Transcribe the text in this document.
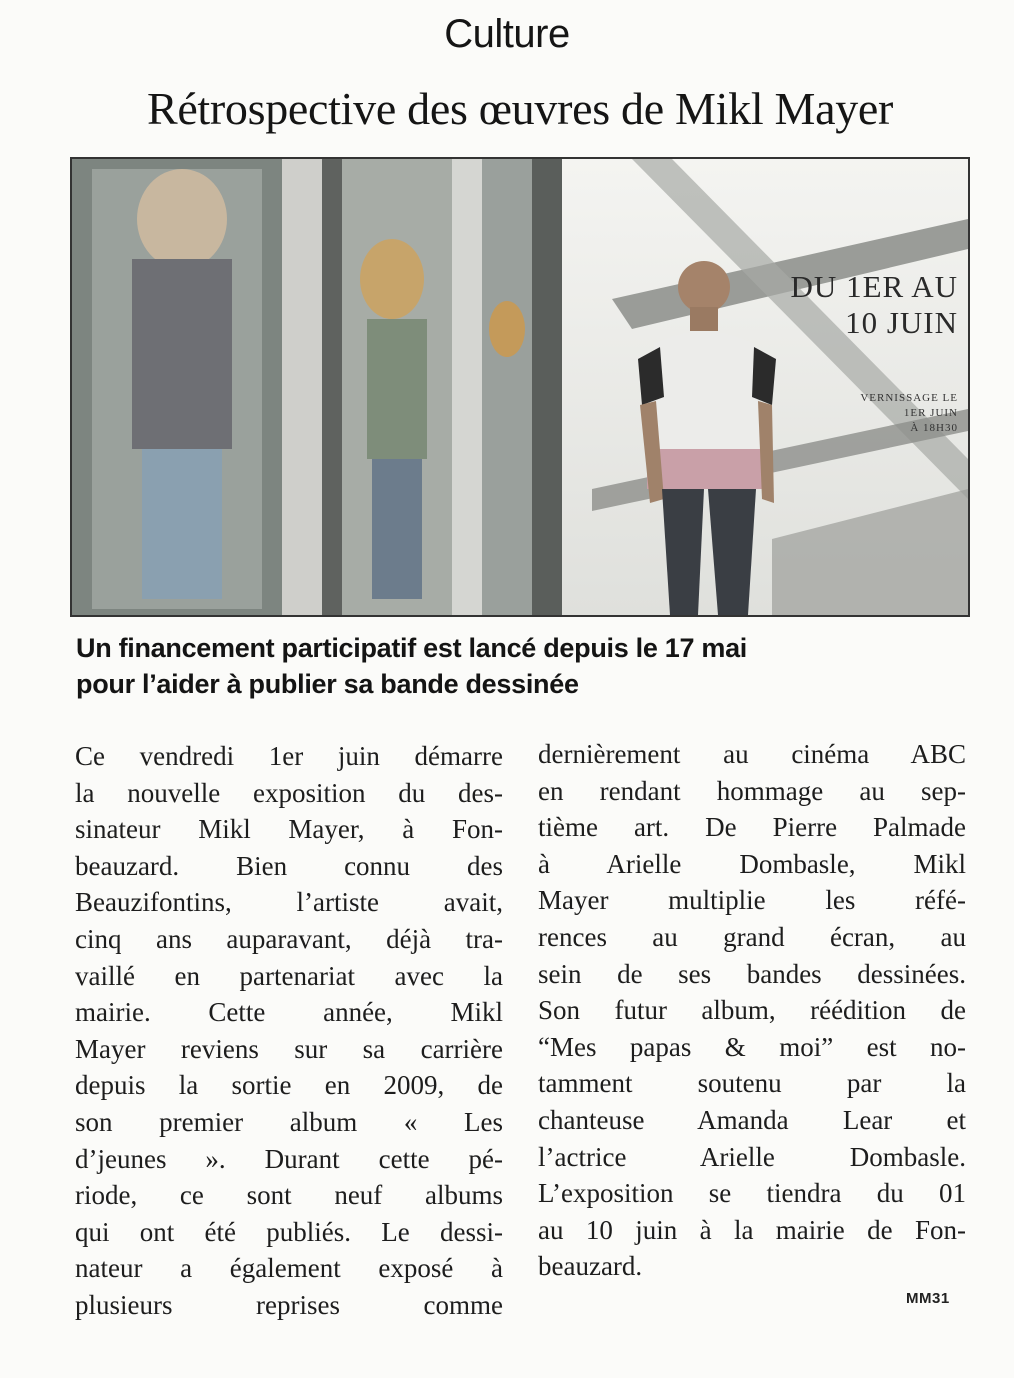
Culture
Rétrospective des œuvres de Mikl Mayer
DU 1ER AU
10 JUIN
VERNISSAGE LE
1ER JUIN
À 18H30
Un financement participatif est lancé depuis le 17 mai
pour l’aider à publier sa bande dessinée
Ce vendredi 1er juin démarre
la nouvelle exposition du des-
sinateur Mikl Mayer, à Fon-
beauzard. Bien connu des
Beauzifontins, l’artiste avait,
cinq ans auparavant, déjà tra-
vaillé en partenariat avec la
mairie. Cette année, Mikl
Mayer reviens sur sa carrière
depuis la sortie en 2009, de
son premier album « Les
d’jeunes ». Durant cette pé-
riode, ce sont neuf albums
qui ont été publiés. Le dessi-
nateur a également exposé à
plusieurs reprises comme
dernièrement au cinéma ABC
en rendant hommage au sep-
tième art. De Pierre Palmade
à Arielle Dombasle, Mikl
Mayer multiplie les réfé-
rences au grand écran, au
sein de ses bandes dessinées.
Son futur album, réédition de
“Mes papas & moi” est no-
tamment soutenu par la
chanteuse Amanda Lear et
l’actrice Arielle Dombasle.
L’exposition se tiendra du 01
au 10 juin à la mairie de Fon-
beauzard.
MM31
